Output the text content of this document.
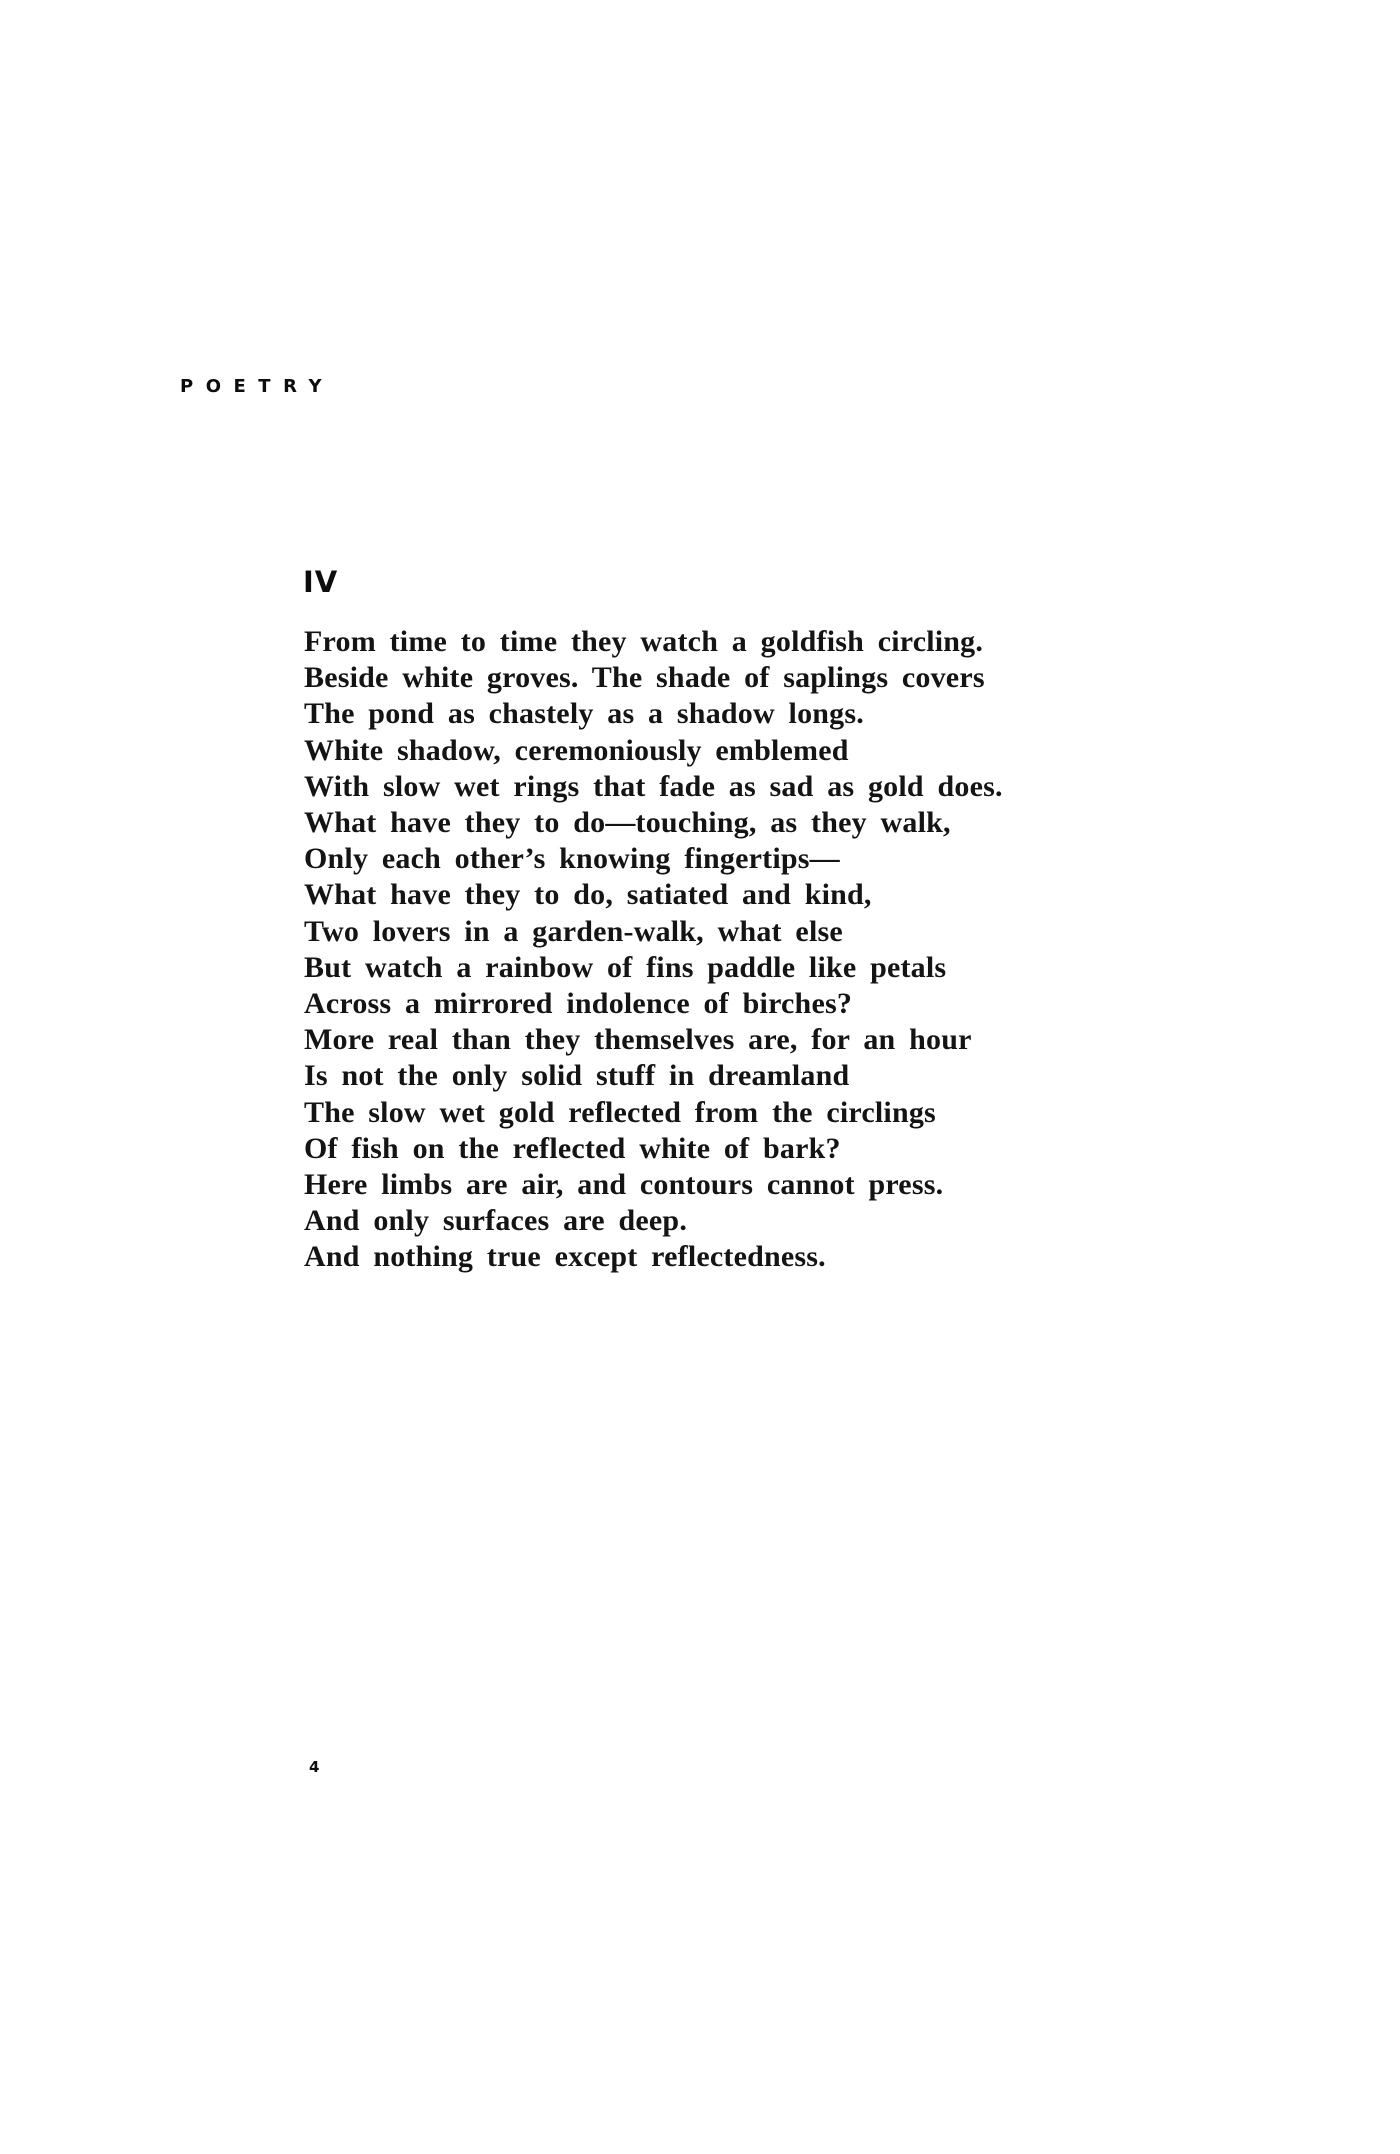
POETRY
IV
From time to time they watch a goldfish circling.
Beside white groves. The shade of saplings covers
The pond as chastely as a shadow longs.
White shadow, ceremoniously emblemed
With slow wet rings that fade as sad as gold does.
What have they to do—touching, as they walk,
Only each other’s knowing fingertips—
What have they to do, satiated and kind,
Two lovers in a garden-walk, what else
But watch a rainbow of fins paddle like petals
Across a mirrored indolence of birches?
More real than they themselves are, for an hour
Is not the only solid stuff in dreamland
The slow wet gold reflected from the circlings
Of fish on the reflected white of bark?
Here limbs are air, and contours cannot press.
And only surfaces are deep.
And nothing true except reflectedness.
4
